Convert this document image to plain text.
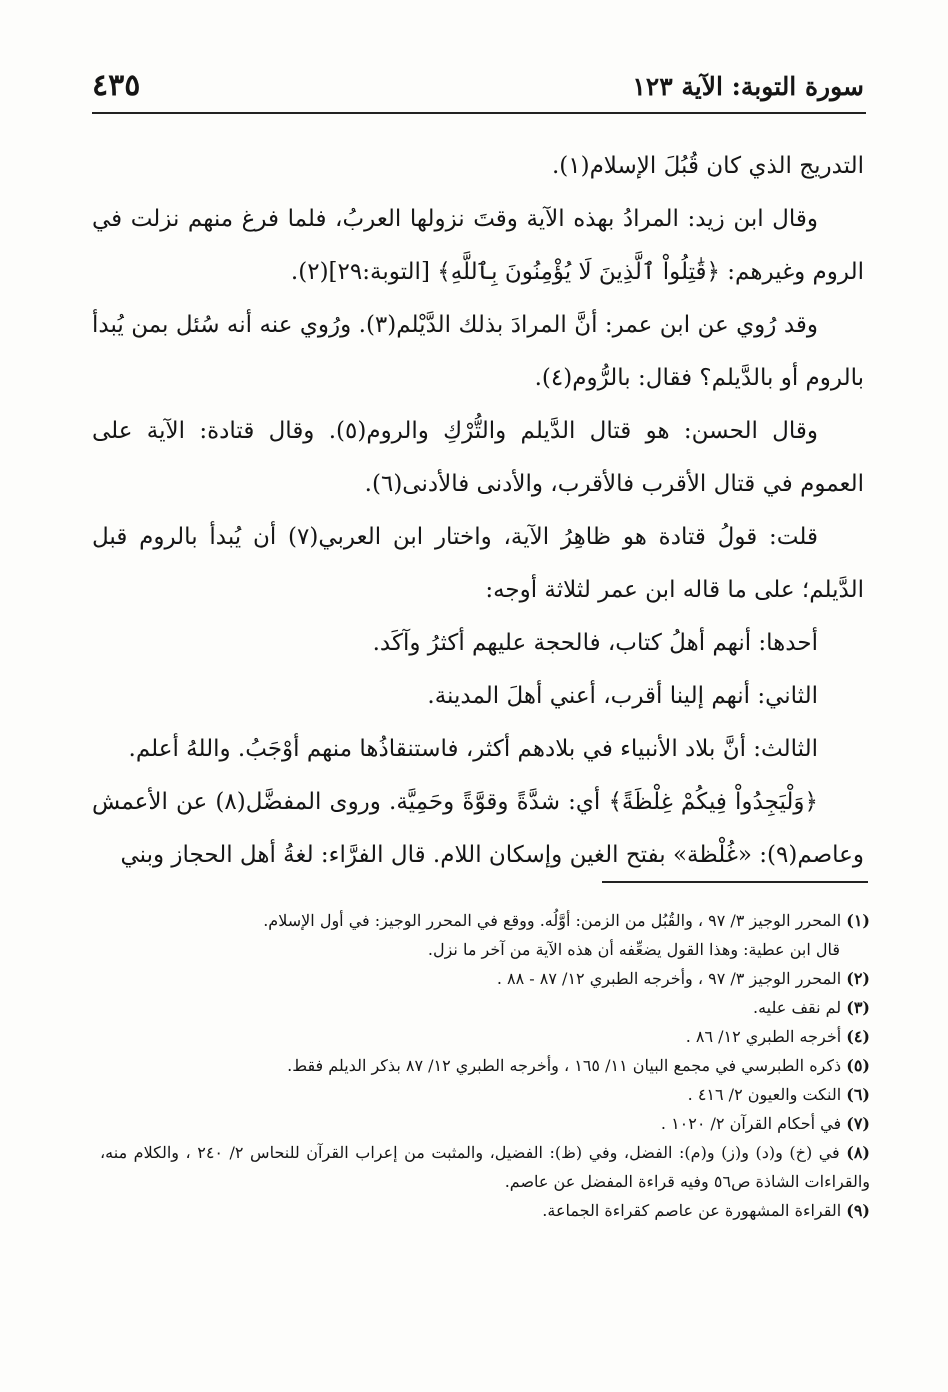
سورة التوبة: الآية ١٢٣
٤٣٥

التدريج الذي كان قُبُلَ الإسلام(١).

وقال ابن زيد: المرادُ بهذه الآية وقتَ نزولها العربُ، فلما فرغ منهم نزلت في الروم وغيرهم: ﴿قَٰتِلُواْ ٱلَّذِينَ لَا يُؤْمِنُونَ بِٱللَّهِ﴾ [التوبة:٢٩](٢).

وقد رُوي عن ابن عمر: أنَّ المرادَ بذلك الدَّيْلم(٣). ورُوي عنه أنه سُئل بمن يُبدأ بالروم أو بالدَّيلم؟ فقال: بالرُّوم(٤).

وقال الحسن: هو قتال الدَّيلم والتُّرْكِ والروم(٥). وقال قتادة: الآية على العموم في قتال الأقرب فالأقرب، والأدنى فالأدنى(٦).

قلت: قولُ قتادة هو ظاهِرُ الآية، واختار ابن العربي(٧) أن يُبدأ بالروم قبل الدَّيلم؛ على ما قاله ابن عمر لثلاثة أوجه:

أحدها: أنهم أهلُ كتاب، فالحجة عليهم أكثرُ وآكَد.

الثاني: أنهم إلينا أقرب، أعني أهلَ المدينة.

الثالث: أنَّ بلاد الأنبياء في بلادهم أكثر، فاستنقاذُها منهم أوْجَبُ. واللهُ أعلم.

﴿وَلْيَجِدُواْ فِيكُمْ غِلْظَةً﴾ أي: شدَّةً وقوَّةً وحَمِيَّة. وروى المفضَّل(٨) عن الأعمش وعاصم(٩): «غُلْظة» بفتح الغين وإسكان اللام. قال الفرَّاء: لغةُ أهل الحجاز وبني

(١) المحرر الوجيز ٣/ ٩٧ ، والقُبُل من الزمن: أوَّلُه. ووقع في المحرر الوجيز: في أول الإسلام.

قال ابن عطية: وهذا القول يضعِّفه أن هذه الآية من آخر ما نزل.

(٢) المحرر الوجيز ٣/ ٩٧ ، وأخرجه الطبري ١٢/ ٨٧ - ٨٨ .

(٣) لم نقف عليه.

(٤) أخرجه الطبري ١٢/ ٨٦ .

(٥) ذكره الطبرسي في مجمع البيان ١١/ ١٦٥ ، وأخرجه الطبري ١٢/ ٨٧ بذكر الديلم فقط.

(٦) النكت والعيون ٢/ ٤١٦ .

(٧) في أحكام القرآن ٢/ ١٠٢٠ .

(٨) في (خ) و(د) و(ز) و(م): الفضل، وفي (ظ): الفضيل، والمثبت من إعراب القرآن للنحاس ٢/ ٢٤٠ ، والكلام منه، والقراءات الشاذة ص٥٦ وفيه قراءة المفضل عن عاصم.

(٩) القراءة المشهورة عن عاصم كقراءة الجماعة.
